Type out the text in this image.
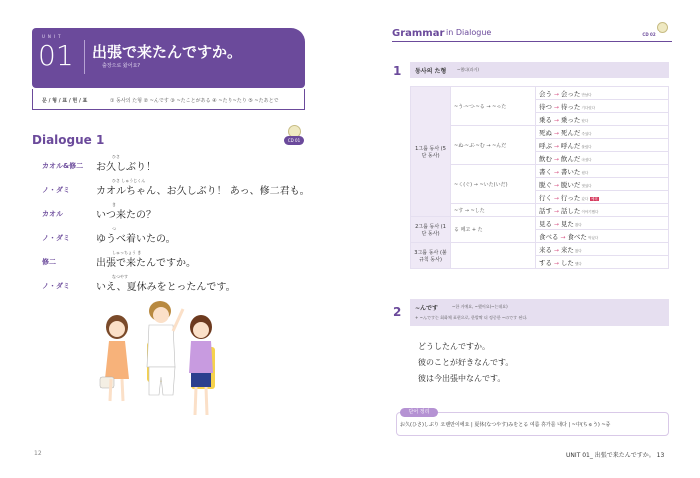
UNIT
01 出張で来たんですか。
출장으로 왔어요?
문 / 형 / 표 / 현 / 표	① 동사의 た형 ② ~んです ③ ~たことがある ④ ~たり~たり ⑤ ~たあとで
Dialogue 1	CD 01
カオル&修二
ひさ
お久しぶり！
ノ・ダミ
ひさ しゅうじくん
カオルちゃん、お久しぶり！ あっ、修二君も。
カオル
き
いつ来たの？
ノ・ダミ
つ
ゆうべ着いたの。
修二
しゅっちょう き
出張で来たんですか。
ノ・ダミ
なつやす
いえ、夏休みをとったんです。
12
Grammar in Dialogue	CD 02
1 동사의 た형	~했다(과거)
1그룹 동사 (5단 동사)	~う·~つ·~る → ~った	会う → 会った 만났다
		待つ → 待った 기다렸다
		乗る → 乗った 탔다
	~ぬ·~ぶ·~む → ~んだ	死ぬ → 死んだ 죽었다
		呼ぶ → 呼んだ 불렀다
		飲む → 飲んだ 마셨다
	~く(ぐ) → ~いた(いだ)	書く → 書いた 썼다
		脱ぐ → 脱いだ 벗었다
		行く → 行った 갔다 예외
	~す → ~した	話す → 話した 이야기했다
2그룹 동사 (1단 동사)	る 떼고 + た	見る → 見た 봤다
		食べる → 食べた 먹었다
3그룹 동사 (불규칙 동사)		来る → 来た 왔다
		する → した 했다
2 ~んです	~한 거예요, ~했어요(~는데요)
+ ~んです는 회화체 표현으로, 한발짝 더 정중한 ~のです 된다.
どうしたんですか。
彼のことが好きなんです。
彼は今出張中なんです。
단어 정리
お久(ひさ)しぶり 오랜만이에요 | 夏休(なつやす)みをとる 여름 휴가를 내다 | ~中(ちゅう) ~중
UNIT 01_ 出張で来たんですか。 13
